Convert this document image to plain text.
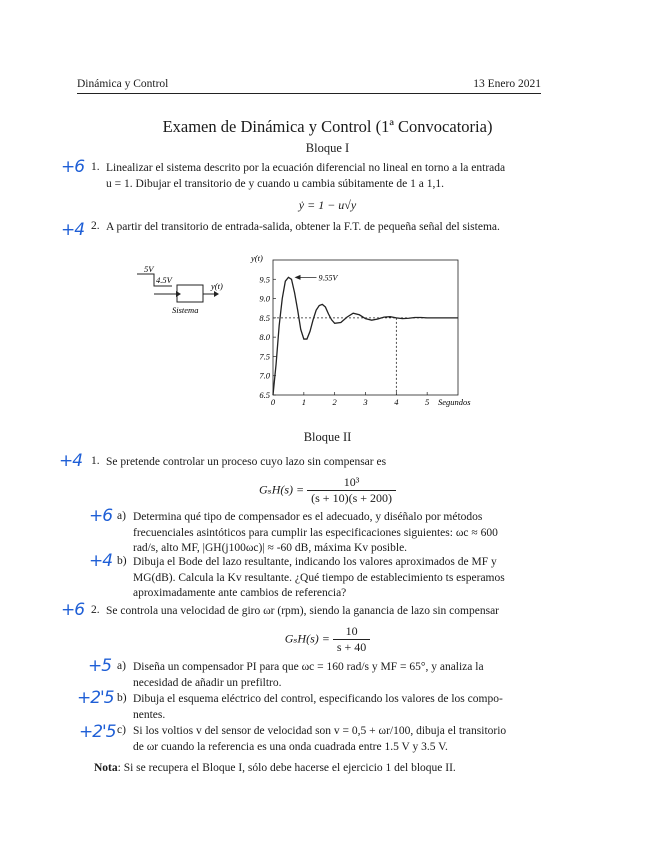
Dinámica y Control	13 Enero 2021
Examen de Dinámica y Control (1ª Convocatoria)
Bloque I
+6 1. Linealizar el sistema descrito por la ecuación diferencial no lineal en torno a la entrada
u = 1. Dibujar el transitorio de y cuando u cambia súbitamente de 1 a 1,1.
ẏ = 1 − u√y
+4 2. A partir del transitorio de entrada-salida, obtener la F.T. de pequeña señal del sistema.
5V
4.5V
y(t)
Sistema
6.5
7.0
7.5
8.0
8.5
9.0
9.5
0	1	2	3	4	5
9.55V
y(t)
Segundos
Bloque II
+4 1. Se pretende controlar un proceso cuyo lazo sin compensar es
$G_sH(s) = \frac{\text{10³}}{(s + 10)(s + 200)}$
+6 a) Determina qué tipo de compensador es el adecuado, y diséñalo por métodos
frecuenciales asintóticos para cumplir las especificaciones siguientes: ωc ≈ 600
rad/s, alto MF, |GH(j100ωc)| ≈ -60 dB, máxima Kv posible.
+4 b) Dibuja el Bode del lazo resultante, indicando los valores aproximados de MF y
MG(dB). Calcula la Kv resultante. ¿Qué tiempo de establecimiento ts esperamos
aproximadamente ante cambios de referencia?
+6 2. Se controla una velocidad de giro ωr (rpm), siendo la ganancia de lazo sin compensar
$G_sH(s) = \frac{10}{s + 40}$
+5 a) Diseña un compensador PI para que ωc = 160 rad/s y MF = 65°, y analiza la
necesidad de añadir un prefiltro.
+2'5 b) Dibuja el esquema eléctrico del control, especificando los valores de los compo-
nentes.
+2'5 c) Si los voltios v del sensor de velocidad son v = 0,5 + ωr/100, dibuja el transitorio
de ωr cuando la referencia es una onda cuadrada entre 1.5 V y 3.5 V.
Nota: Si se recupera el Bloque I, sólo debe hacerse el ejercicio 1 del bloque II.
